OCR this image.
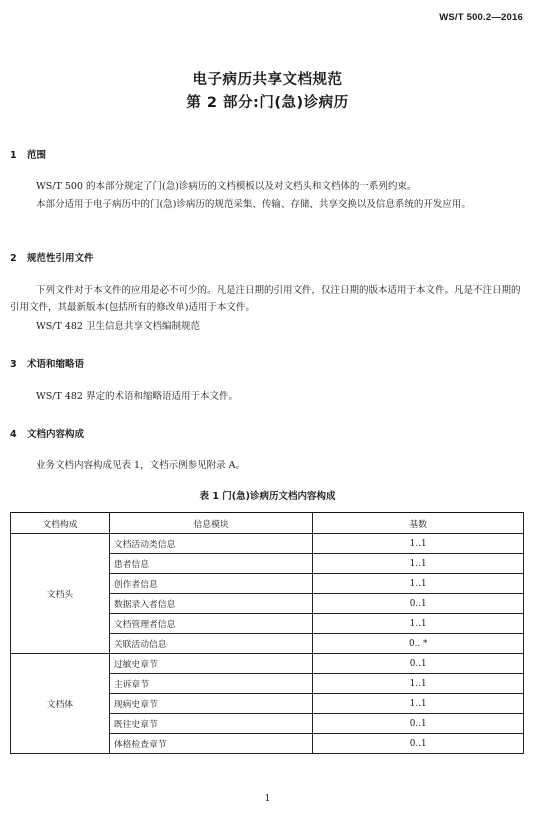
WS/T 500.2—2016
电子病历共享文档规范
第 2 部分:门(急)诊病历
1 范围
WS/T 500 的本部分规定了门(急)诊病历的文档模板以及对文档头和文档体的一系列约束。
本部分适用于电子病历中的门(急)诊病历的规范采集、传输、存储、共享交换以及信息系统的开发应用。
2 规范性引用文件
下列文件对于本文件的应用是必不可少的。凡是注日期的引用文件，仅注日期的版本适用于本文件。凡是不注日期的引用文件，其最新版本(包括所有的修改单)适用于本文件。
WS/T 482 卫生信息共享文档编制规范
3 术语和缩略语
WS/T 482 界定的术语和缩略语适用于本文件。
4 文档内容构成
业务文档内容构成见表 1，文档示例参见附录 A。
表 1 门(急)诊病历文档内容构成
文档构成	信息模块	基数
文档头	文档活动类信息	1..1
	患者信息	1..1
	创作者信息	1..1
	数据录入者信息	0..1
	文档管理者信息	1..1
	关联活动信息	0.. *
文档体	过敏史章节	0..1
	主诉章节	1..1
	现病史章节	1..1
	既往史章节	0..1
	体格检查章节	0..1
1
